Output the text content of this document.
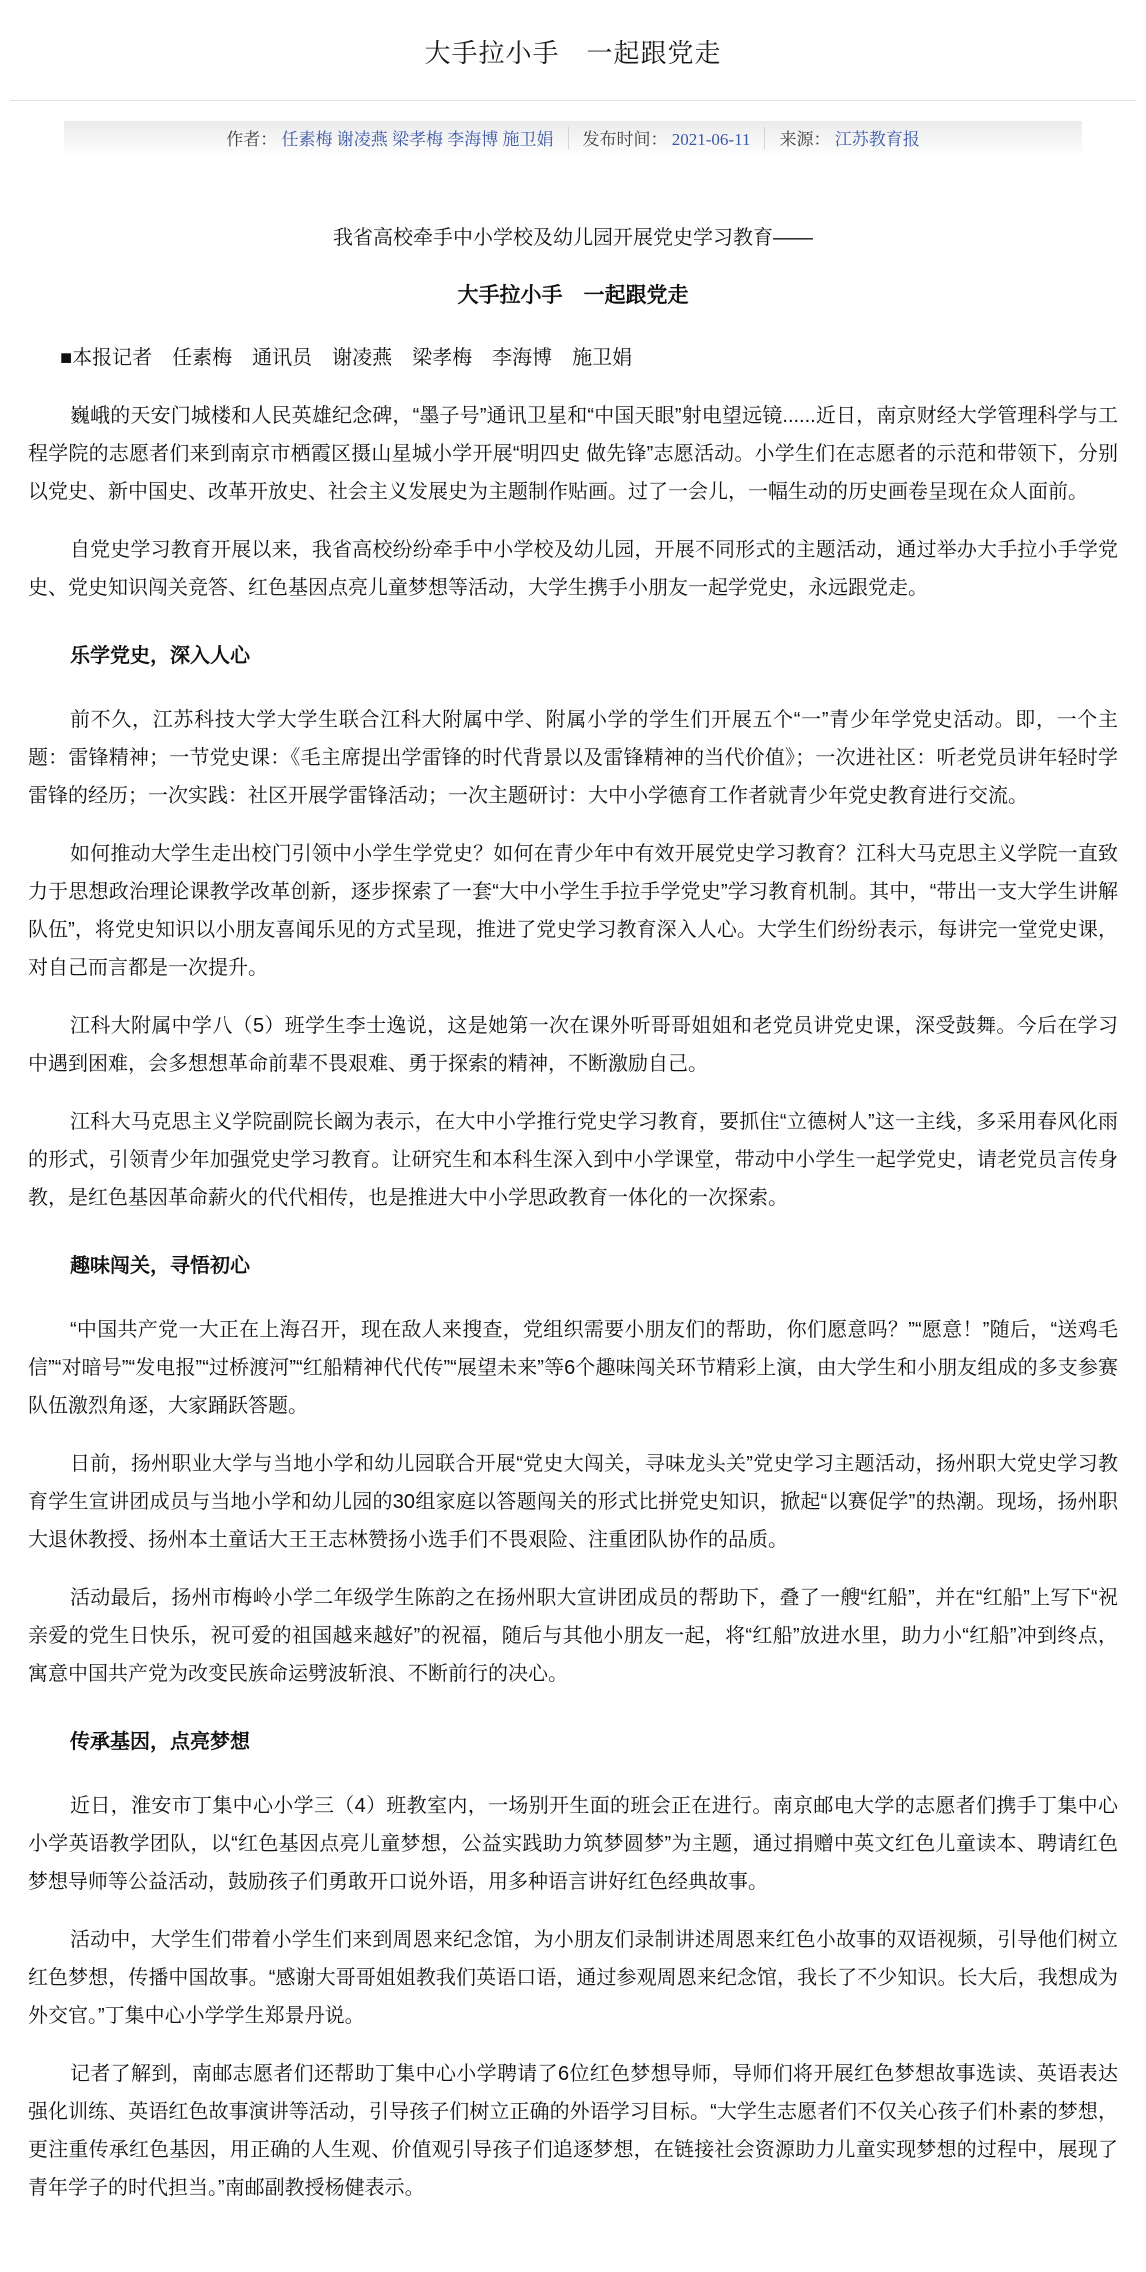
大手拉小手　一起跟党走
作者： 任素梅 谢凌燕 梁孝梅 李海博 施卫娟	发布时间： 2021-06-11	来源： 江苏教育报

我省高校牵手中小学校及幼儿园开展党史学习教育——

大手拉小手　一起跟党走

■本报记者　任素梅　通讯员　谢凌燕　梁孝梅　李海博　施卫娟

巍峨的天安门城楼和人民英雄纪念碑，“墨子号”通讯卫星和“中国天眼”射电望远镜......近日，南京财经大学管理科学与工程学院的志愿者们来到南京市栖霞区摄山星城小学开展“明四史 做先锋”志愿活动。小学生们在志愿者的示范和带领下，分别以党史、新中国史、改革开放史、社会主义发展史为主题制作贴画。过了一会儿，一幅生动的历史画卷呈现在众人面前。

自党史学习教育开展以来，我省高校纷纷牵手中小学校及幼儿园，开展不同形式的主题活动，通过举办大手拉小手学党史、党史知识闯关竞答、红色基因点亮儿童梦想等活动，大学生携手小朋友一起学党史，永远跟党走。

乐学党史，深入人心

前不久，江苏科技大学大学生联合江科大附属中学、附属小学的学生们开展五个“一”青少年学党史活动。即，一个主题：雷锋精神；一节党史课：《毛主席提出学雷锋的时代背景以及雷锋精神的当代价值》；一次进社区：听老党员讲年轻时学雷锋的经历；一次实践：社区开展学雷锋活动；一次主题研讨：大中小学德育工作者就青少年党史教育进行交流。

如何推动大学生走出校门引领中小学生学党史？如何在青少年中有效开展党史学习教育？江科大马克思主义学院一直致力于思想政治理论课教学改革创新，逐步探索了一套“大中小学生手拉手学党史”学习教育机制。其中，“带出一支大学生讲解队伍”，将党史知识以小朋友喜闻乐见的方式呈现，推进了党史学习教育深入人心。大学生们纷纷表示，每讲完一堂党史课，对自己而言都是一次提升。

江科大附属中学八（5）班学生李士逸说，这是她第一次在课外听哥哥姐姐和老党员讲党史课，深受鼓舞。今后在学习中遇到困难，会多想想革命前辈不畏艰难、勇于探索的精神，不断激励自己。

江科大马克思主义学院副院长阚为表示，在大中小学推行党史学习教育，要抓住“立德树人”这一主线，多采用春风化雨的形式，引领青少年加强党史学习教育。让研究生和本科生深入到中小学课堂，带动中小学生一起学党史，请老党员言传身教，是红色基因革命薪火的代代相传，也是推进大中小学思政教育一体化的一次探索。

趣味闯关，寻悟初心

“中国共产党一大正在上海召开，现在敌人来搜查，党组织需要小朋友们的帮助，你们愿意吗？”“愿意！”随后，“送鸡毛信”“对暗号”“发电报”“过桥渡河”“红船精神代代传”“展望未来”等6个趣味闯关环节精彩上演，由大学生和小朋友组成的多支参赛队伍激烈角逐，大家踊跃答题。

日前，扬州职业大学与当地小学和幼儿园联合开展“党史大闯关，寻味龙头关”党史学习主题活动，扬州职大党史学习教育学生宣讲团成员与当地小学和幼儿园的30组家庭以答题闯关的形式比拼党史知识，掀起“以赛促学”的热潮。现场，扬州职大退休教授、扬州本土童话大王王志林赞扬小选手们不畏艰险、注重团队协作的品质。

活动最后，扬州市梅岭小学二年级学生陈韵之在扬州职大宣讲团成员的帮助下，叠了一艘“红船”，并在“红船”上写下“祝亲爱的党生日快乐，祝可爱的祖国越来越好”的祝福，随后与其他小朋友一起，将“红船”放进水里，助力小“红船”冲到终点，寓意中国共产党为改变民族命运劈波斩浪、不断前行的决心。

传承基因，点亮梦想

近日，淮安市丁集中心小学三（4）班教室内，一场别开生面的班会正在进行。南京邮电大学的志愿者们携手丁集中心小学英语教学团队，以“红色基因点亮儿童梦想，公益实践助力筑梦圆梦”为主题，通过捐赠中英文红色儿童读本、聘请红色梦想导师等公益活动，鼓励孩子们勇敢开口说外语，用多种语言讲好红色经典故事。

活动中，大学生们带着小学生们来到周恩来纪念馆，为小朋友们录制讲述周恩来红色小故事的双语视频，引导他们树立红色梦想，传播中国故事。“感谢大哥哥姐姐教我们英语口语，通过参观周恩来纪念馆，我长了不少知识。长大后，我想成为外交官。”丁集中心小学学生郑景丹说。

记者了解到，南邮志愿者们还帮助丁集中心小学聘请了6位红色梦想导师，导师们将开展红色梦想故事选读、英语表达强化训练、英语红色故事演讲等活动，引导孩子们树立正确的外语学习目标。“大学生志愿者们不仅关心孩子们朴素的梦想，更注重传承红色基因，用正确的人生观、价值观引导孩子们追逐梦想，在链接社会资源助力儿童实现梦想的过程中，展现了青年学子的时代担当。”南邮副教授杨健表示。
